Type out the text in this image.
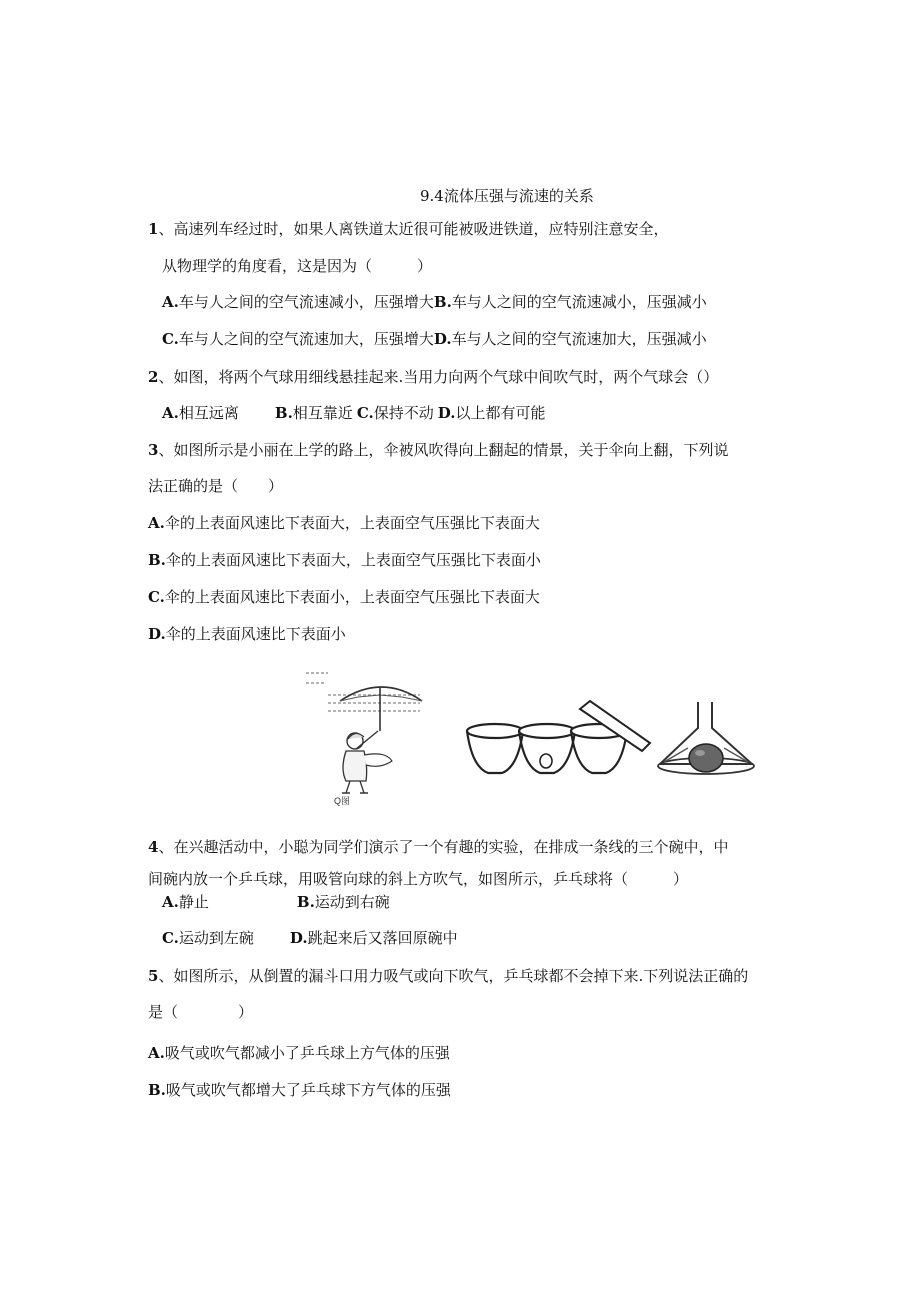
9.4流体压强与流速的关系
1、高速列车经过时，如果人离铁道太近很可能被吸进铁道，应特别注意安全，
从物理学的角度看，这是因为（　　　）
A.车与人之间的空气流速减小，压强增大B.车与人之间的空气流速减小，压强减小
C.车与人之间的空气流速加大，压强增大D.车与人之间的空气流速加大，压强减小
2、如图，将两个气球用细线悬挂起来.当用力向两个气球中间吹气时，两个气球会（）
A.相互远离 B.相互靠近 C.保持不动 D.以上都有可能
3、如图所示是小丽在上学的路上，伞被风吹得向上翻起的情景，关于伞向上翻，下列说
法正确的是（　　）
A.伞的上表面风速比下表面大，上表面空气压强比下表面大
B.伞的上表面风速比下表面大，上表面空气压强比下表面小
C.伞的上表面风速比下表面小，上表面空气压强比下表面大
D.伞的上表面风速比下表面小
Q图
4、在兴趣活动中，小聪为同学们演示了一个有趣的实验，在排成一条线的三个碗中，中
间碗内放一个乒乓球，用吸管向球的斜上方吹气，如图所示，乒乓球将（　　　）
A.静止	B.运动到右碗
C.运动到左碗 D.跳起来后又落回原碗中
5、如图所示，从倒置的漏斗口用力吸气或向下吹气，乒乓球都不会掉下来.下列说法正确的
是（　　　　）
A.吸气或吹气都减小了乒乓球上方气体的压强
B.吸气或吹气都增大了乒乓球下方气体的压强
